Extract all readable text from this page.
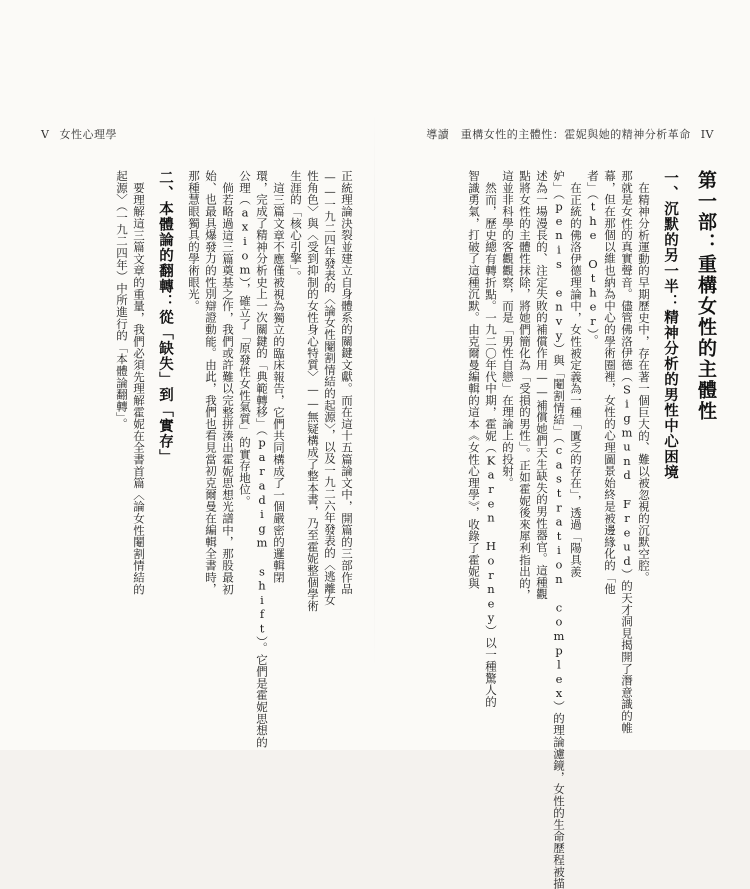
V 女性心理學	導讀　重構女性的主體性：霍妮與她的精神分析革命 IV
第一部：重構女性的主體性
一、沉默的另一半：精神分析的男性中心困境
在精神分析運動的早期歷史中，存在著一個巨大的、難以被忽視的沉默空腔。
那就是女性的真實聲音。儘管佛洛伊德（Sigmund Freud）的天才洞見揭開了潛意識的帷
幕，但在那個以維也納為中心的學術圈裡，女性的心理圖景始終是被邊緣化的「他
者」（the Other）。
在正統的佛洛伊德理論中，女性被定義為一種「匱乏的存在」，透過「陽具羨
妒」（penis envy）與「閹割情結」（castration complex）的理論濾鏡，女性的生命歷程被描
述為一場漫長的、注定失敗的補償作用——補償她們天生缺失的男性器官。這種觀
點將女性的主體性抹除，將她們簡化為「受損的男性」。正如霍妮後來犀利指出的，
這並非科學的客觀觀察，而是「男性自戀」在理論上的投射。
然而，歷史總有轉折點。一九二〇年代中期，霍妮（Karen Horney）以一種驚人的
智識勇氣，打破了這種沉默。由克爾曼編輯的這本《女性心理學》，收錄了霍妮與
正統理論決裂並建立自身體系的關鍵文獻。而在這十五篇論文中，開篇的三部作品
——一九二四年發表的〈論女性閹割情結的起源〉，以及一九二六年發表的〈逃離女
性角色〉與〈受到抑制的女性身心特質〉——無疑構成了整本書，乃至霍妮整個學術
生涯的「核心引擎」。
這三篇文章不應僅被視為獨立的臨床報告，它們共同構成了一個嚴密的邏輯閉
環，完成了精神分析史上一次關鍵的「典範轉移」（paradigm shift）。它們是霍妮思想的
公理（axiom），確立了「原發性女性氣質」的實存地位。
倘若略過這三篇奠基之作，我們或許難以完整拼湊出霍妮思想光譜中，那股最初
始、也最具爆發力的性別辯證動能。由此，我們也看見當初克爾曼在編輯全書時，
那種慧眼獨具的學術眼光。
二、本體論的翻轉：從「缺失」到「實存」
要理解這三篇文章的重量，我們必須先理解霍妮在全書首篇〈論女性閹割情結的
起源〉（一九二四年）中所進行的「本體論翻轉」。
